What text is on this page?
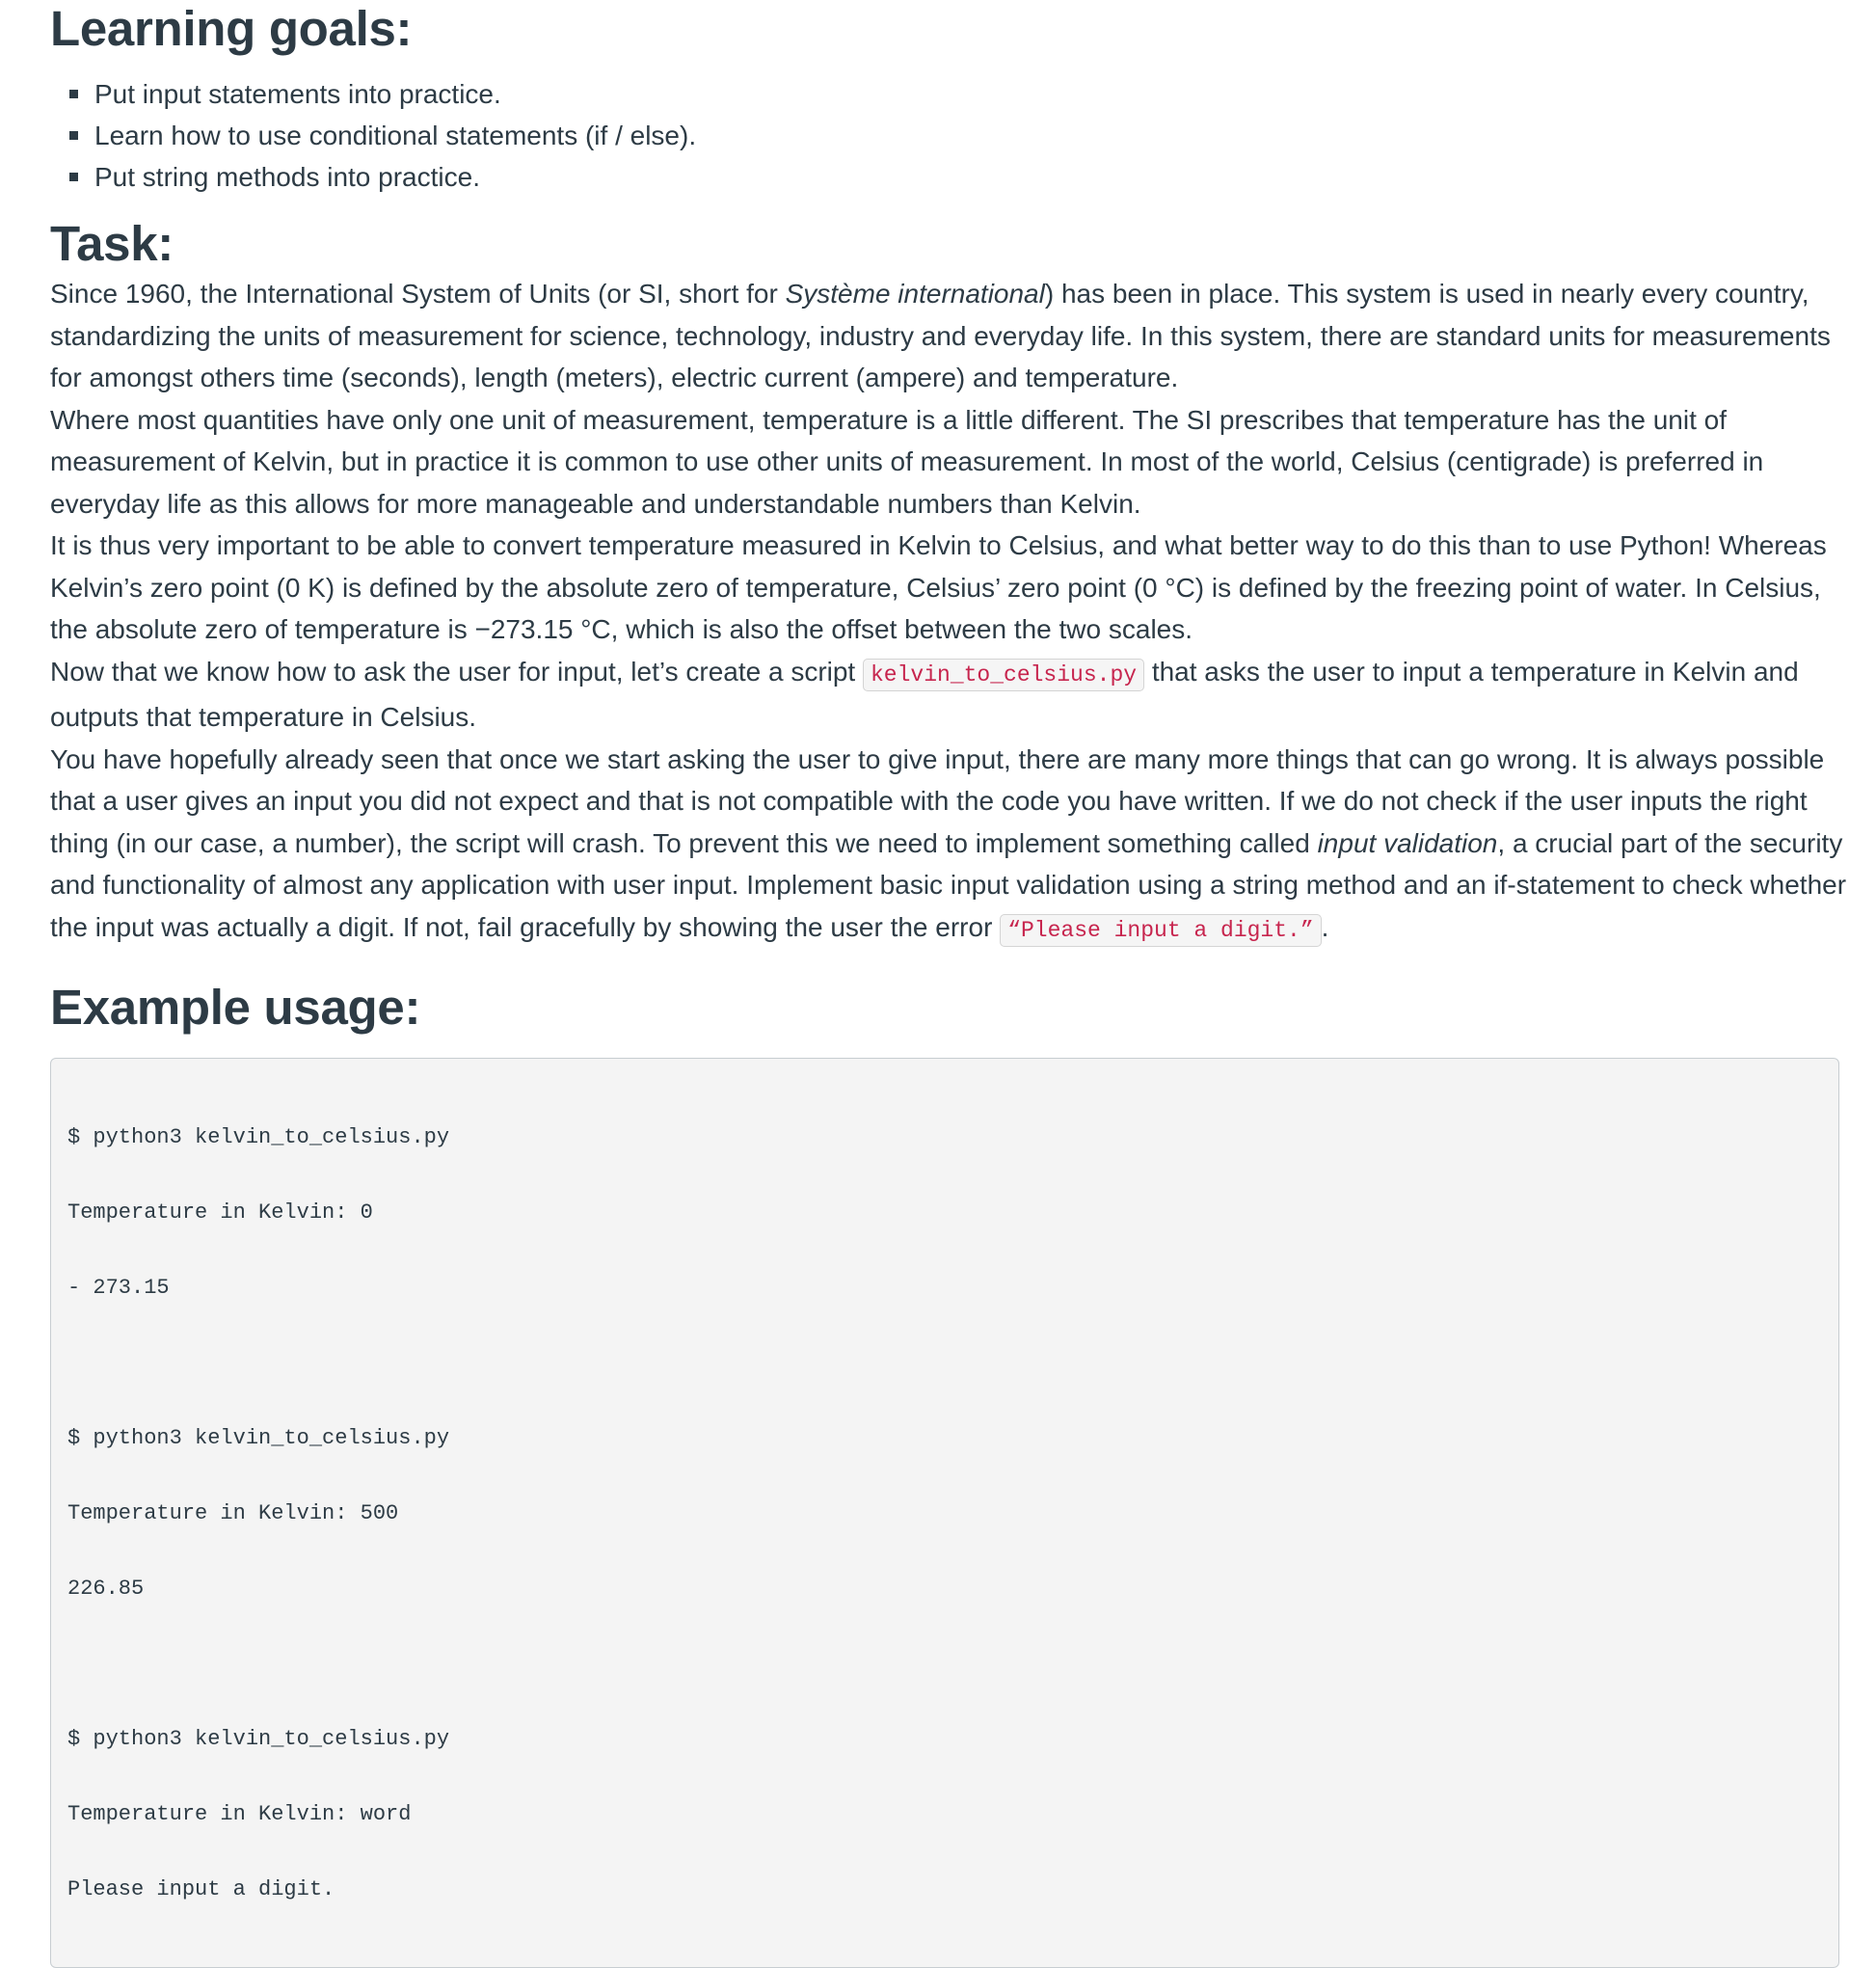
Learning goals:
Put input statements into practice.
Learn how to use conditional statements (if / else).
Put string methods into practice.
Task:

Since 1960, the International System of Units (or SI, short for Système international) has been in place. This system is used in nearly every country, standardizing the units of measurement for science, technology, industry and everyday life. In this system, there are standard units for measurements for amongst others time (seconds), length (meters), electric current (ampere) and temperature.

Where most quantities have only one unit of measurement, temperature is a little different. The SI prescribes that temperature has the unit of measurement of Kelvin, but in practice it is common to use other units of measurement. In most of the world, Celsius (centigrade) is preferred in everyday life as this allows for more manageable and understandable numbers than Kelvin.

It is thus very important to be able to convert temperature measured in Kelvin to Celsius, and what better way to do this than to use Python! Whereas Kelvin’s zero point (0 K) is defined by the absolute zero of temperature, Celsius’ zero point (0 °C) is defined by the freezing point of water. In Celsius, the absolute zero of temperature is −273.15 °C, which is also the offset between the two scales.

Now that we know how to ask the user for input, let’s create a script kelvin_to_celsius.py that asks the user to input a temperature in Kelvin and outputs that temperature in Celsius.

You have hopefully already seen that once we start asking the user to give input, there are many more things that can go wrong. It is always possible that a user gives an input you did not expect and that is not compatible with the code you have written. If we do not check if the user inputs the right thing (in our case, a number), the script will crash. To prevent this we need to implement something called input validation, a crucial part of the security and functionality of almost any application with user input. Implement basic input validation using a string method and an if-statement to check whether the input was actually a digit. If not, fail gracefully by showing the user the error “Please input a digit.” .

Example usage:

$ python3 kelvin_to_celsius.py

Temperature in Kelvin: 0

- 273.15

$ python3 kelvin_to_celsius.py

Temperature in Kelvin: 500

226.85

$ python3 kelvin_to_celsius.py

Temperature in Kelvin: word

Please input a digit.
